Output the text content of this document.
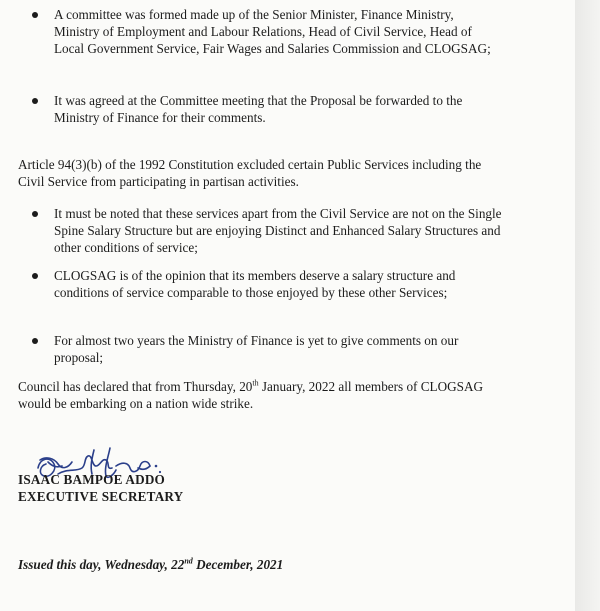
A committee was formed made up of the Senior Minister, Finance Ministry, Ministry of Employment and Labour Relations, Head of Civil Service, Head of Local Government Service, Fair Wages and Salaries Commission and CLOGSAG;
It was agreed at the Committee meeting that the Proposal be forwarded to the Ministry of Finance for their comments.
Article 94(3)(b) of the 1992 Constitution excluded certain Public Services including the Civil Service from participating in partisan activities.
It must be noted that these services apart from the Civil Service are not on the Single Spine Salary Structure but are enjoying Distinct and Enhanced Salary Structures and other conditions of service;
CLOGSAG is of the opinion that its members deserve a salary structure and conditions of service comparable to those enjoyed by these other Services;
For almost two years the Ministry of Finance is yet to give comments on our proposal;
Council has declared that from Thursday, 20th January, 2022 all members of CLOGSAG would be embarking on a nation wide strike.
ISAAC BAMPOE ADDO
EXECUTIVE SECRETARY
Issued this day, Wednesday, 22nd December, 2021
